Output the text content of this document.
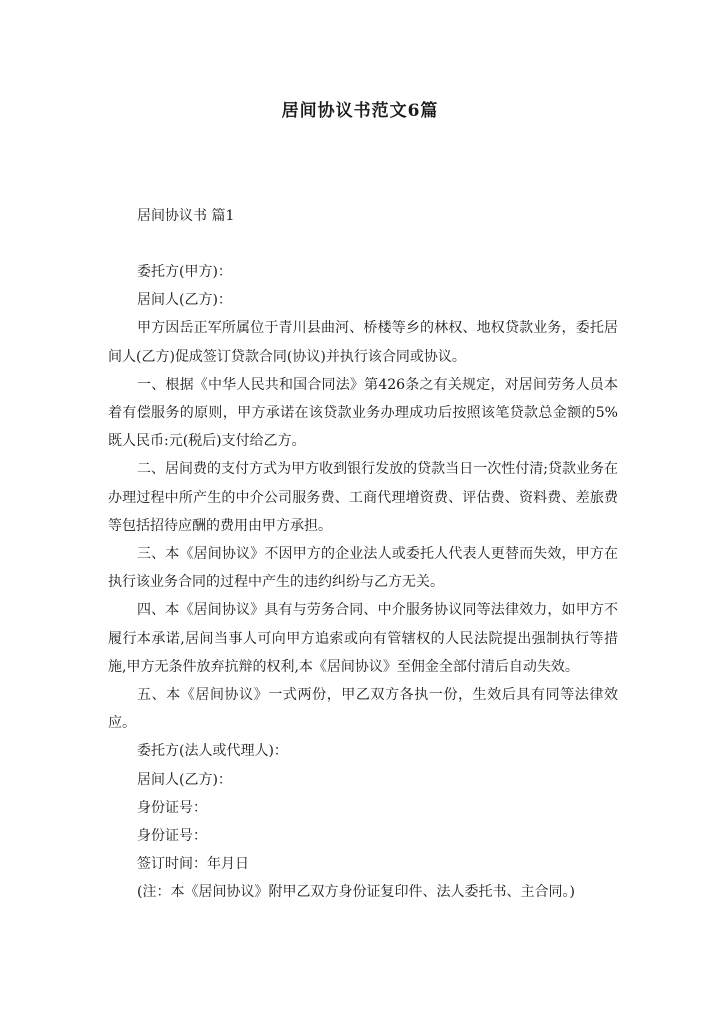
居间协议书范文6篇
居间协议书 篇1

委托方(甲方)：

居间人(乙方)：

甲方因岳正军所属位于青川县曲河、桥楼等乡的林权、地权贷款业务，委托居间人(乙方)促成签订贷款合同(协议)并执行该合同或协议。

一、根据《中华人民共和国合同法》第426条之有关规定，对居间劳务人员本着有偿服务的原则，甲方承诺在该贷款业务办理成功后按照该笔贷款总金额的5%既人民币:元(税后)支付给乙方。

二、居间费的支付方式为甲方收到银行发放的贷款当日一次性付清;贷款业务在办理过程中所产生的中介公司服务费、工商代理增资费、评估费、资料费、差旅费等包括招待应酬的费用由甲方承担。

三、本《居间协议》不因甲方的企业法人或委托人代表人更替而失效，甲方在执行该业务合同的过程中产生的违约纠纷与乙方无关。

四、本《居间协议》具有与劳务合同、中介服务协议同等法律效力，如甲方不履行本承诺,居间当事人可向甲方追索或向有管辖权的人民法院提出强制执行等措施,甲方无条件放弃抗辩的权利,本《居间协议》至佣金全部付清后自动失效。

五、本《居间协议》一式两份，甲乙双方各执一份，生效后具有同等法律效应。

委托方(法人或代理人)：

居间人(乙方)：

身份证号：

身份证号：

签订时间：年月日

(注：本《居间协议》附甲乙双方身份证复印件、法人委托书、主合同。)
